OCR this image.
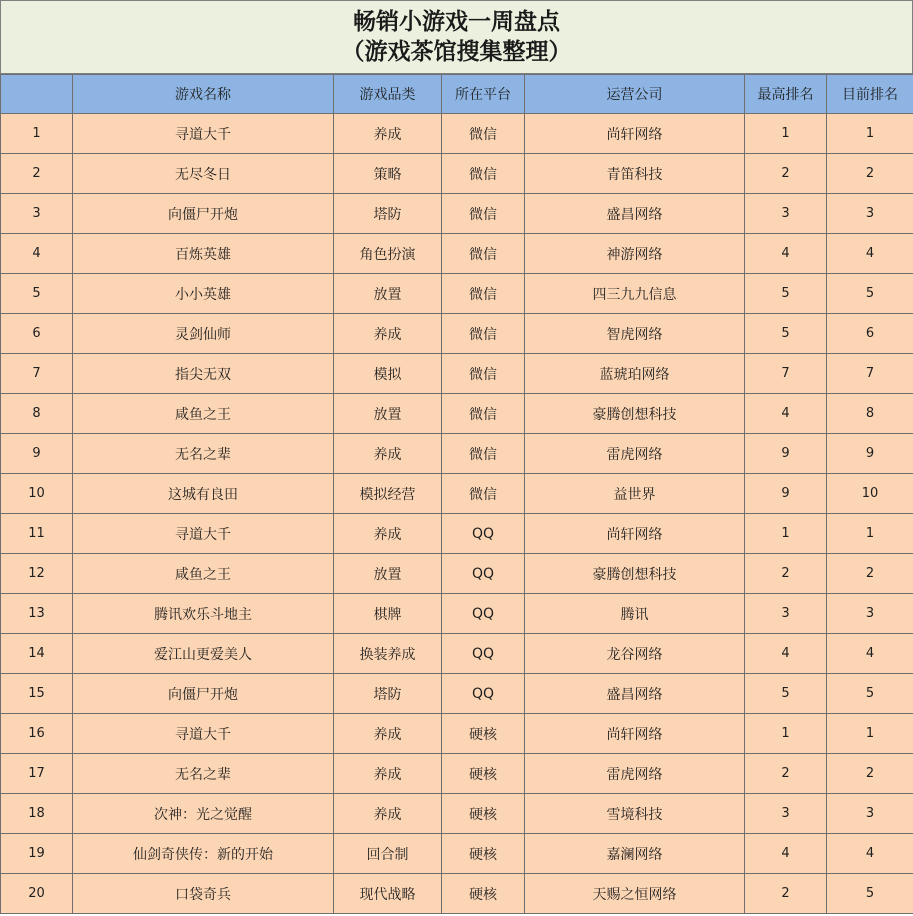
畅销小游戏一周盘点
（游戏茶馆搜集整理）
	游戏名称	游戏品类	所在平台	运营公司	最高排名	目前排名
1	寻道大千	养成	微信	尚轩网络	1	1
2	无尽冬日	策略	微信	青笛科技	2	2
3	向僵尸开炮	塔防	微信	盛昌网络	3	3
4	百炼英雄	角色扮演	微信	神游网络	4	4
5	小小英雄	放置	微信	四三九九信息	5	5
6	灵剑仙师	养成	微信	智虎网络	5	6
7	指尖无双	模拟	微信	蓝琥珀网络	7	7
8	咸鱼之王	放置	微信	豪腾创想科技	4	8
9	无名之辈	养成	微信	雷虎网络	9	9
10	这城有良田	模拟经营	微信	益世界	9	10
11	寻道大千	养成	QQ	尚轩网络	1	1
12	咸鱼之王	放置	QQ	豪腾创想科技	2	2
13	腾讯欢乐斗地主	棋牌	QQ	腾讯	3	3
14	爱江山更爱美人	换装养成	QQ	龙谷网络	4	4
15	向僵尸开炮	塔防	QQ	盛昌网络	5	5
16	寻道大千	养成	硬核	尚轩网络	1	1
17	无名之辈	养成	硬核	雷虎网络	2	2
18	次神：光之觉醒	养成	硬核	雪境科技	3	3
19	仙剑奇侠传：新的开始	回合制	硬核	嘉澜网络	4	4
20	口袋奇兵	现代战略	硬核	天赐之恒网络	2	5
